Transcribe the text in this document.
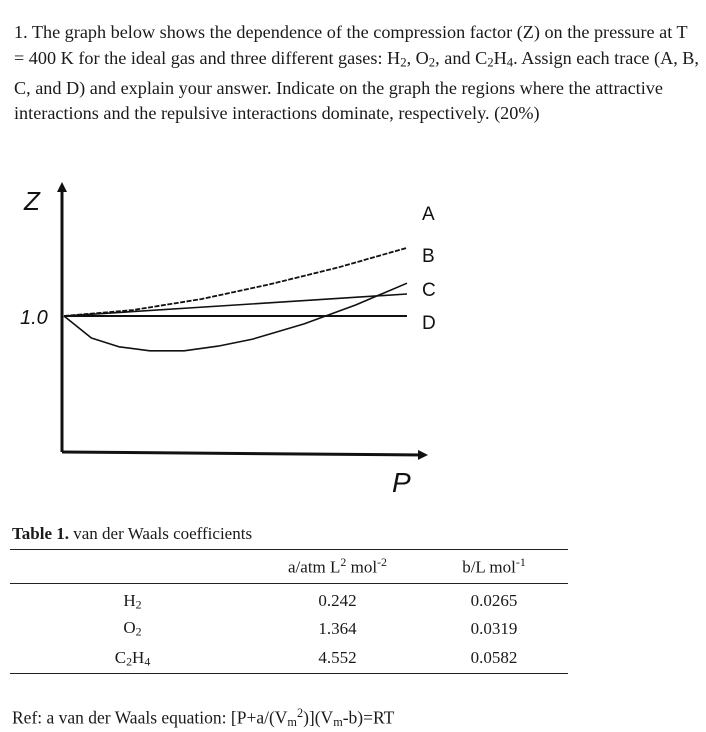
1. The graph below shows the dependence of the compression factor (Z) on the pressure at T = 400 K for the ideal gas and three different gases: $H_2$, $O_2$, and $C_2H_4$. Assign each trace (A, B, C, and D) and explain your answer. Indicate on the graph the regions where the attractive interactions and the repulsive interactions dominate, respectively. (20%)
Z
P
1.0
A
B
C
D
Table 1. van der Waals coefficients
	a/atm $L^2$ mol$^{-2}$	b/L mol$^{-1}$
$H_2$	0.242	0.0265
$O_2$	1.364	0.0319
$C_2H_4$	4.552	0.0582
Ref: a van der Waals equation: $[P+a/(V_m^2)](V_m-b)=RT$
